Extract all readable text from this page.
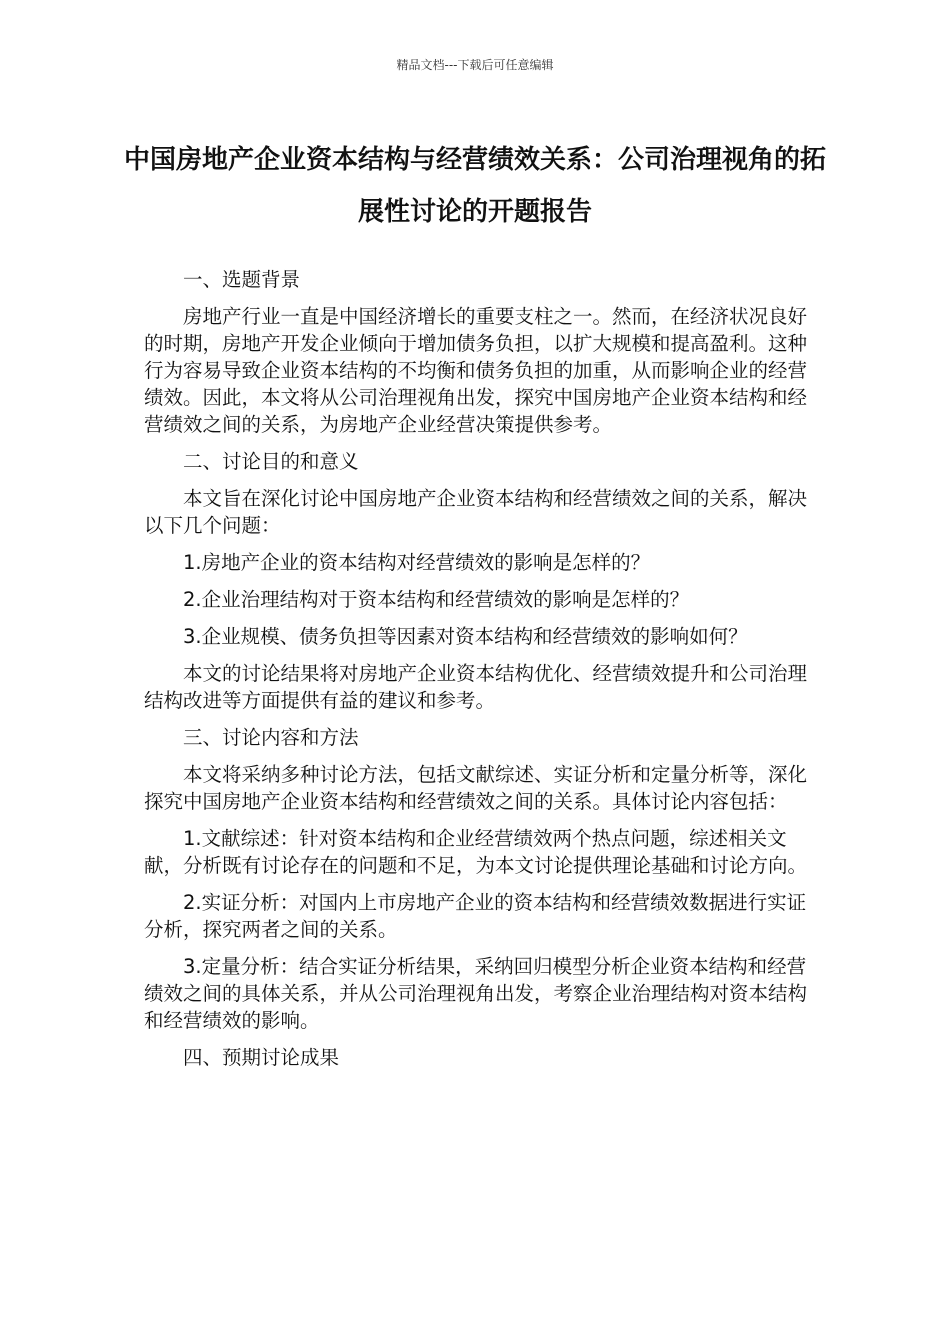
精品文档---下载后可任意编辑
中国房地产企业资本结构与经营绩效关系：公司治理视角的拓展性讨论的开题报告

一、选题背景

房地产行业一直是中国经济增长的重要支柱之一。然而，在经济状况良好的时期，房地产开发企业倾向于增加债务负担，以扩大规模和提高盈利。这种行为容易导致企业资本结构的不均衡和债务负担的加重，从而影响企业的经营绩效。因此，本文将从公司治理视角出发，探究中国房地产企业资本结构和经营绩效之间的关系，为房地产企业经营决策提供参考。

二、讨论目的和意义

本文旨在深化讨论中国房地产企业资本结构和经营绩效之间的关系，解决以下几个问题：

1.房地产企业的资本结构对经营绩效的影响是怎样的？

2.企业治理结构对于资本结构和经营绩效的影响是怎样的？

3.企业规模、债务负担等因素对资本结构和经营绩效的影响如何？

本文的讨论结果将对房地产企业资本结构优化、经营绩效提升和公司治理结构改进等方面提供有益的建议和参考。

三、讨论内容和方法

本文将采纳多种讨论方法，包括文献综述、实证分析和定量分析等，深化探究中国房地产企业资本结构和经营绩效之间的关系。具体讨论内容包括：

1.文献综述：针对资本结构和企业经营绩效两个热点问题，综述相关文献，分析既有讨论存在的问题和不足，为本文讨论提供理论基础和讨论方向。

2.实证分析：对国内上市房地产企业的资本结构和经营绩效数据进行实证分析，探究两者之间的关系。

3.定量分析：结合实证分析结果，采纳回归模型分析企业资本结构和经营绩效之间的具体关系，并从公司治理视角出发，考察企业治理结构对资本结构和经营绩效的影响。

四、预期讨论成果
